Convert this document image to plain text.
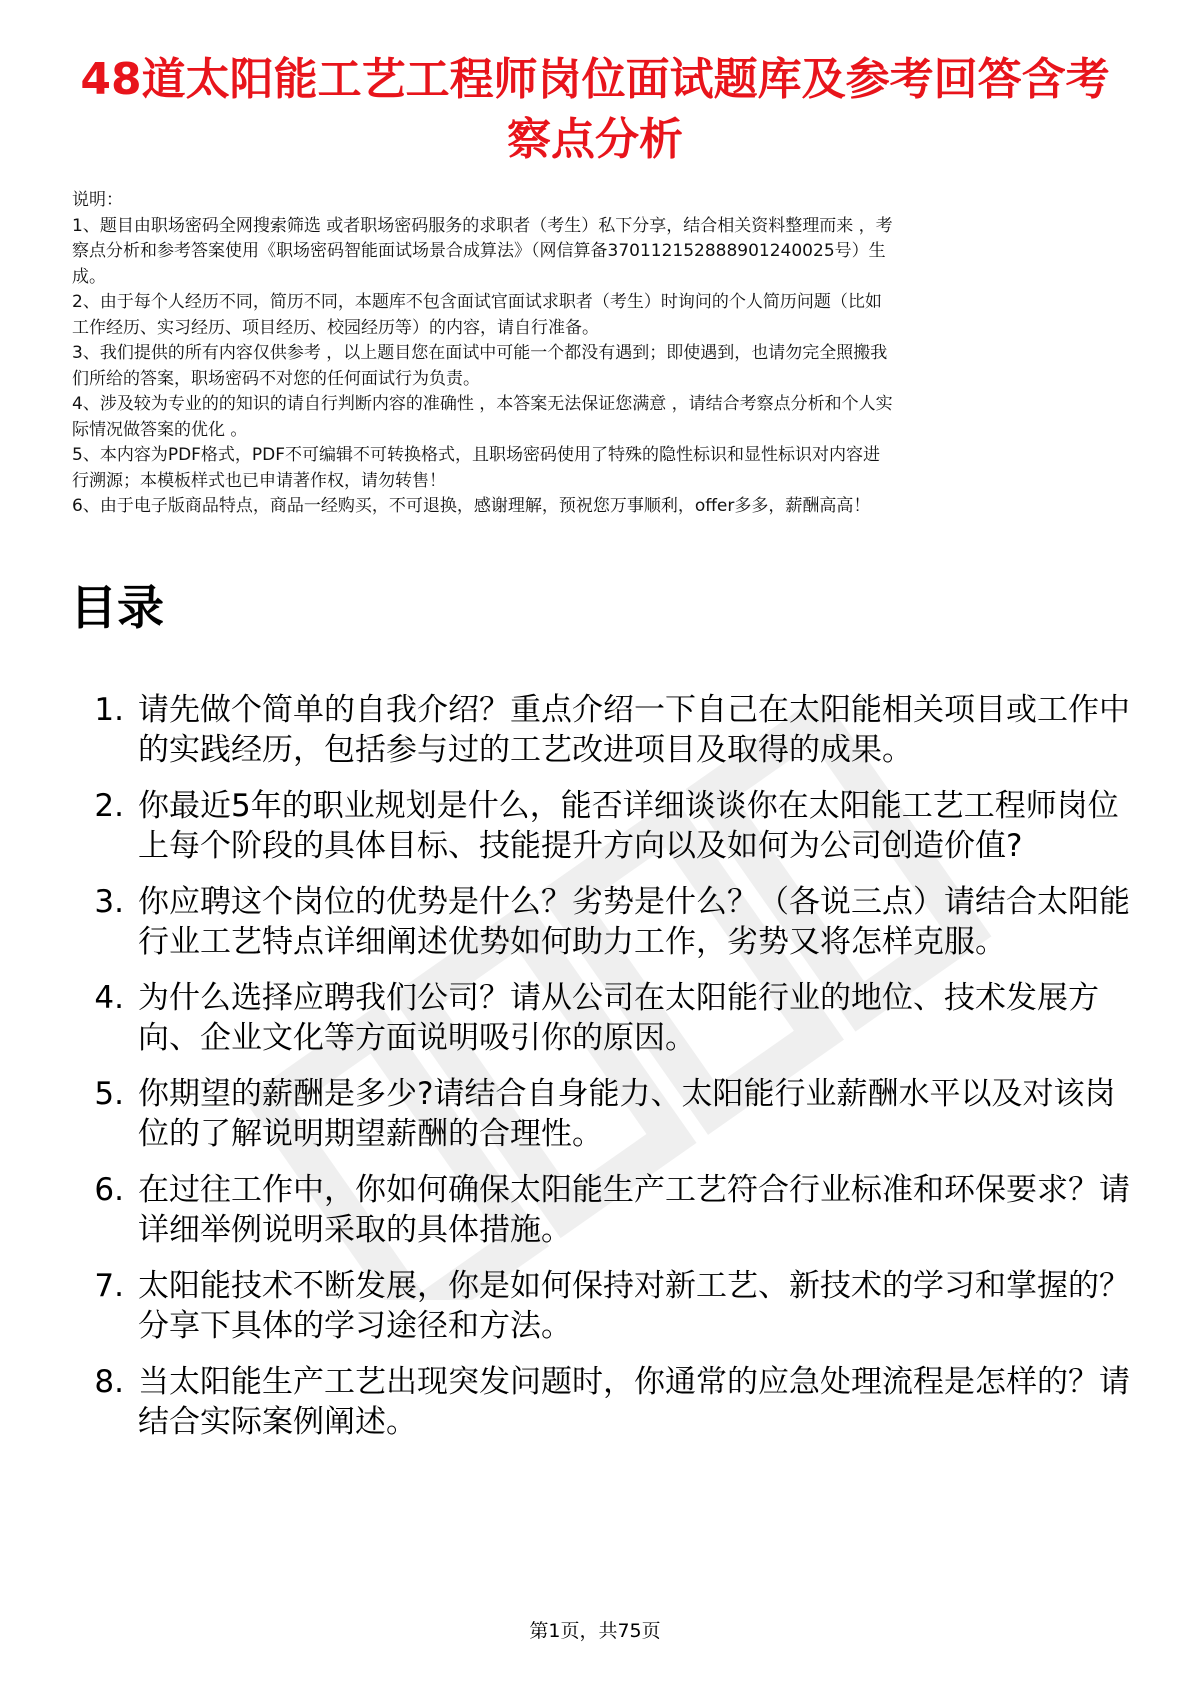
48道太阳能工艺工程师岗位面试题库及参考回答含考察点分析
说明：
1、题目由职场密码全网搜索筛选 或者职场密码服务的求职者（考生）私下分享，结合相关资料整理而来 ，考
察点分析和参考答案使用《职场密码智能面试场景合成算法》（网信算备370112152888901240025号）生
成。
2、由于每个人经历不同，简历不同，本题库不包含面试官面试求职者（考生）时询问的个人简历问题（比如
工作经历、实习经历、项目经历、校园经历等）的内容，请自行准备。
3、我们提供的所有内容仅供参考 ，以上题目您在面试中可能一个都没有遇到；即使遇到，也请勿完全照搬我
们所给的答案，职场密码不对您的任何面试行为负责。
4、涉及较为专业的的知识的请自行判断内容的准确性 ，本答案无法保证您满意 ，请结合考察点分析和个人实
际情况做答案的优化 。
5、本内容为PDF格式，PDF不可编辑不可转换格式，且职场密码使用了特殊的隐性标识和显性标识对内容进
行溯源；本模板样式也已申请著作权，请勿转售！
6、由于电子版商品特点，商品一经购买，不可退换，感谢理解，预祝您万事顺利，offer多多，薪酬高高！
目录
1. 请先做个简单的自我介绍？重点介绍一下自己在太阳能相关项目或工作中的实践经历，包括参与过的工艺改进项目及取得的成果。
2. 你最近5年的职业规划是什么，能否详细谈谈你在太阳能工艺工程师岗位上每个阶段的具体目标、技能提升方向以及如何为公司创造价值?
3. 你应聘这个岗位的优势是什么？劣势是什么？（各说三点）请结合太阳能行业工艺特点详细阐述优势如何助力工作，劣势又将怎样克服。
4. 为什么选择应聘我们公司？请从公司在太阳能行业的地位、技术发展方向、企业文化等方面说明吸引你的原因。
5. 你期望的薪酬是多少?请结合自身能力、太阳能行业薪酬水平以及对该岗位的了解说明期望薪酬的合理性。
6. 在过往工作中，你如何确保太阳能生产工艺符合行业标准和环保要求？请详细举例说明采取的具体措施。
7. 太阳能技术不断发展，你是如何保持对新工艺、新技术的学习和掌握的？分享下具体的学习途径和方法。
8. 当太阳能生产工艺出现突发问题时，你通常的应急处理流程是怎样的？请结合实际案例阐述。
第1页，共75页
